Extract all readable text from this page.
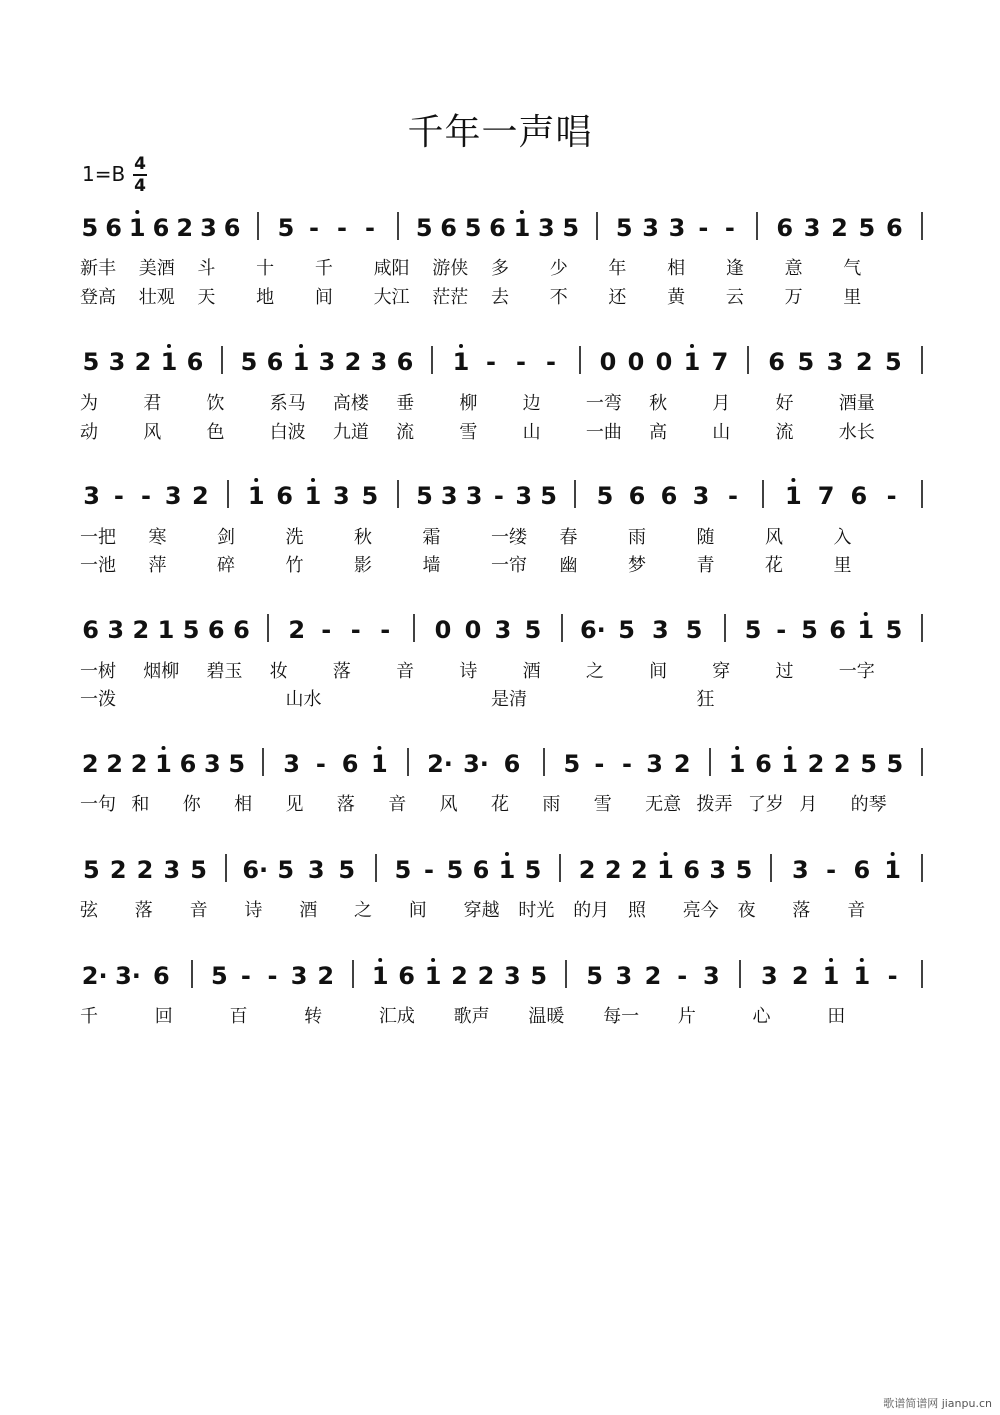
千年一声唱
1=B 4
4
5 6 1 6 2 3 6 5 - - - 5 6 5 6 1 3 5 5 3 3 - - 6 3 2 5 6
5 3 2 1 6 5 6 1 3 2 3 6 1 - - - 0 0 0 1 7 6 5 3 2 5
3 - - 3 2 1 6 1 3 5 5 3 3 - 3 5 5 6 6 3 - 1 7 6 -
6 3 2 1 5 6 6 2 - - - 0 0 3 5 6· 5 3 5 5 - 5 6 1 5
2 2 2 1 6 3 5 3 - 6 1 2· 3· 6 5 - - 3 2 1 6 1 2 2 5 5
5 2 2 3 5 6· 5 3 5 5 - 5 6 1 5 2 2 2 1 6 3 5 3 - 6 1
2· 3· 6 5 - - 3 2 1 6 1 2 2 3 5 5 3 2 - 3 3 2 1 1 -
新丰 美酒 斗 十 千 咸阳 游侠 多 少 年 相 逢 意 气
登高 壮观 天 地 间 大江 茫茫 去 不 还 黄 云 万 里
为	君	饮	系马 高楼 垂	柳	边	一弯 秋	月	好	酒量
动	风	色	白波 九道 流	雪	山	一曲 高	山	流	水长
一把 寒	剑	洗	秋	霜	一缕 春	雨	随	风	入
一池 萍	碎	竹	影	墙	一帘 幽	梦	青	花	里
一树 烟柳 碧玉 妆	落	音	诗	酒	之	间	穿	过	一字
一泼	山水	是清	狂
一句 和 你 相 见 落 音 风 花 雨 雪 无意 拨弄 了岁 月 的琴
弦 落 音 诗 酒 之 间 穿越 时光 的月 照 亮今 夜 落 音
千	回	百	转	汇成 歌声 温暖 每一 片	心	田
歌谱简谱网 jianpu.cn
